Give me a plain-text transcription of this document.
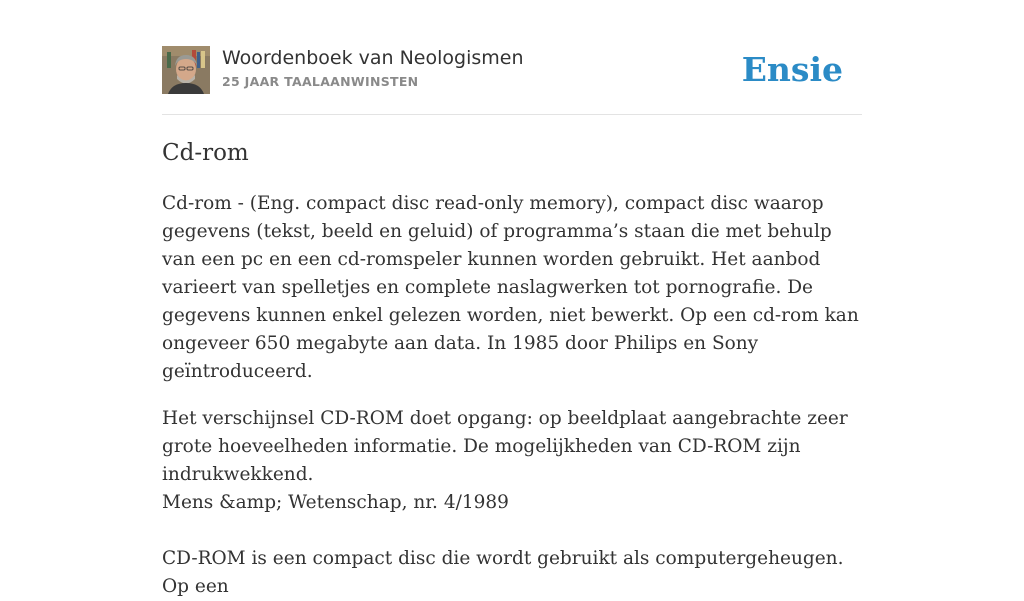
Woordenboek van Neologismen
25 JAAR TAALAANWINSTEN	Ensie
Cd-rom

Cd-rom - (Eng. compact disc read-only memory), compact disc waarop gegevens (tekst, beeld en geluid) of programma’s staan die met behulp van een pc en een cd-romspeler kunnen worden gebruikt. Het aanbod varieert van spelletjes en complete naslagwerken tot pornografie. De gegevens kunnen enkel gelezen worden, niet bewerkt. Op een cd-rom kan ongeveer 650 megabyte aan data. In 1985 door Philips en Sony geïntroduceerd.

Het verschijnsel CD-ROM doet opgang: op beeldplaat aangebrachte zeer grote hoeveelheden informatie. De mogelijkheden van CD-ROM zijn indrukwekkend.

Mens &amp; Wetenschap, nr. 4/1989

CD-ROM is een compact disc die wordt gebruikt als computergeheugen. Op een
